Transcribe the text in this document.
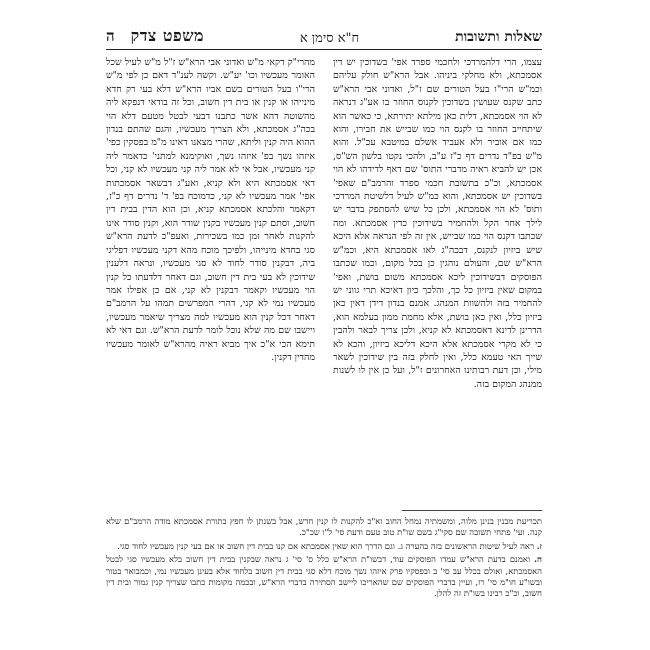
שאלות ותשובות
ח"א סימן א
משפט צדק
ה

עצמו, הרי דלהמרדכי ולחכמי ספרד אפי' בשדוכין יש דין אסמכתא, ולא מחלקי ביניהו. אבל הרא"ש חולק עליהם וכמ"ש הרי"ו בעל הטורים שם ז"ל, ואדוני אבי הרא"ש כתב שקנס שעושין בשדוכין לקנוס החוזר בו אע"ג דנראה לא הוי אסמכתא, דלית כאן מילתא יתירתא, כי כאשר הוא שיתחייב החוזר בו לקנס הוי כמו שבייש את חבירו, והוא כמו אם אוביר ולא אעביד אשלם במיטבא עכ"ל. והוא מ"ש בפ"ד נדרים דף כ"ז ע"ב, ולהכי נקטו בלשון הש"ס, אכן יש להביא ראיה מדברי התוס' שם דאף לדידהו לא הוי אסמכתא, וכ"כ בתשובת חכמי ספרד והרמב"ם שאפי' בשדוכין יש אסמכתא, והוא כמ"ש לעיל דלשיטת המרדכי ותוס' לא הוי אסמכתא, ולכן כל שיש להסתפק בדבר יש לילך אחר הקל ולהחמיר בשידוכין כדין אסמכתא. ומה שכתבו דקנס הוי כמו שבייש, אין זה לפי הנראה אלא היכא שיש ביזיון לנקנס, דבכה"ג לאו אסמכתא היא, וכמ"ש הרא"ש שם, והעולם נוהגין כן בכל מקום, וכמו שכתבו הפוסקים דבשידוכין ליכא אסמכתא משום בושת, ואפי' במקום שאין ביזיון כל כך, והלכך כיון דאיכא תרי גווני יש להחמיר בזה ולהשוות המנהג. אמנם בנדון דידן דאין כאן ביזיון כלל, ואין כאן בושת, אלא מחמת ממון בעלמא הוא, הדרינן לדינא דאסמכתא לא קניא, ולכן צריך לבאר ולהבין כי לא מקרי אסמכתא אלא היכא דליכא ביזיון, והכא לא שייך האי טעמא כלל, ואין לחלק בזה בין שידוכין לשאר מילי, וכן דעת רבותינו האחרונים ז"ל, ועל כן אין לו לשנות ממנהג המקום בזה.

מהרי"ק דקאי מ"ש ואדוני אבי הרא"ש ז"ל מ"ש לעיל שכל האומר מעכשיו וכו' יע"ש. וקשה לענ"ד דאם כן לפי מ"ש הרי"ו בעל הטורים בשם אביו הרא"ש דלא בעי רק חדא מינייהו או קנין או בית דין חשוב, וכל זה בודאי דנפקא ליה מהשוטה דהא אשר כתבנו דבעי לבטל מטעם דלא הוי בכה"ג אסמכתא, ולא הצריך מעכשיו, והגם שהתם בנדון ההוא היה קנין וליתא, שהרי מצאנו דאינו מ"מ בפסקין כפי' איזהו נשך בפ' איזהו נשך, ואוקימנא למתני' כדאמר ליה קני מעכשיו, אבל אי לא אמר ליה קני מעכשיו לא קני, וכל דאי אסמכתא היא ולא קניא, ואע"ג דבשאר אסמכתות אפי' אמר מעכשיו לא קני, כדמוכח בפ' ד' נדרים דף כ"ז, דקאמר והלכתא אסמכתא קניא, וכן הוא הדין בבית דין חשוב, וסתם קנין מעכשיו בקנין שודר הוא, וקנין סודר אינו להקנות לאחר זמן כמו בשכירות, ואעפ"כ לדעת הרא"ש סגי בחדא מינייהו, ולפיכך מוכח מהא דקני מעכשיו דפליגי ביה, דבקנין סודר לחוד לא סגי מעכשיו, ונראה דלענין שידוכין לא בעי בית דין חשוב, וגם דאחר דלדעתו כל קנין הוי מעכשיו וקאמר דבקנין לא קני, אם כן אפילו אמר מעכשיו נמי לא קני, דהרי המפרשים תמהו על הרמב"ם דאחר דכל קנין הוא מעכשיו למה מצריך שיאמר מעכשיו, ויישבו שם מה שלא נוכל לומר לדעת הרא"ש. וגם דאי לא תימא הכי א"כ איך מביא ראיה מהרא"ש לאומר מעכשיו מהדין דקנין.

תכריעת מבנין בנינן מלוה, ומשמתיה נמחל החוב וא"כ להקנות לו קנין חדש, אבל בשנתן לו חפץ בתורת אסמכתא מודה הרמב"ם שלא קנה. ועי' פתחי תשובה שם סקי"ג בשם שו"ת טוב טעם ודעת סי' ל"ו שכ"כ.

ז. ראה לעיל שיטות הראשונים בזה בהערה ג. וגם הדרך הוא שאין אסמכתא אם קנו בבית דין חשוב או אם בעי קנין מעכשיו לחוד סגי.

ח. ואמנם בדעת הרא"ש עמדו הפוסקים עוד, דבשו"ת הרא"ש כלל ס' סי' ג נראה שבקנין בבית דין חשוב בלא מעכשיו סגי לבטל האסמכתא, ואולם בכלל עב סי' ב ובפסקיו פרק איזהו נשך מוכח דלא סגי בבית דין חשוב בלחוד אלא בעינן מעכשיו נמי, וכמבואר בטור ובשו"ע חו"מ סי' רז, ועיין בדברי הפוסקים שם שהאריכו ליישב הסתירה בדברי הרא"ש, ובכמה מקומות כתבו שצריך קנין גמור ובית דין חשוב, וכ"כ רבינו בשו"ת זה להלן.
